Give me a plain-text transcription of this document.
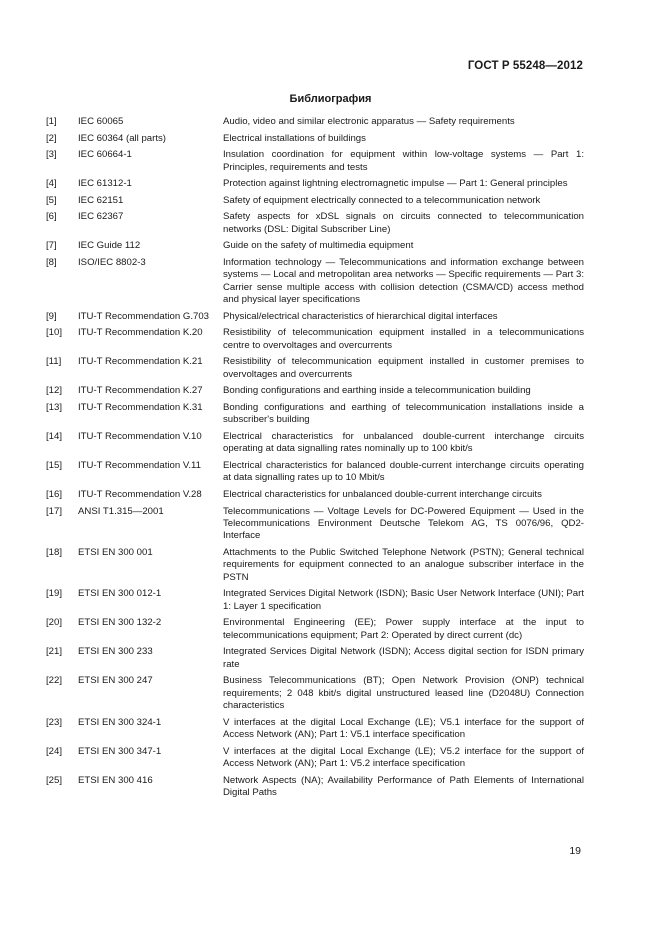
ГОСТ Р 55248—2012
Библиография
[1]	IEC 60065	Audio, video and similar electronic apparatus — Safety requirements
[2]	IEC 60364 (all parts)	Electrical installations of buildings
[3]	IEC 60664-1	Insulation coordination for equipment within low-voltage systems — Part 1: Principles, requirements and tests
[4]	IEC 61312-1	Protection against lightning electromagnetic impulse — Part 1: General principles
[5]	IEC 62151	Safety of equipment electrically connected to a telecommunication network
[6]	IEC 62367	Safety aspects for xDSL signals on circuits connected to telecommunication networks (DSL: Digital Subscriber Line)
[7]	IEC Guide 112	Guide on the safety of multimedia equipment
[8]	ISO/IEC 8802-3	Information technology — Telecommunications and information exchange between systems — Local and metropolitan area networks — Specific requirements — Part 3: Carrier sense multiple access with collision detection (CSMA/CD) access method and physical layer specifications
[9]	ITU-T Recommendation G.703	Physical/electrical characteristics of hierarchical digital interfaces
[10]	ITU-T Recommendation K.20	Resistibility of telecommunication equipment installed in a telecommunications centre to overvoltages and overcurrents
[11]	ITU-T Recommendation K.21	Resistibility of telecommunication equipment installed in customer premises to overvoltages and overcurrents
[12]	ITU-T Recommendation K.27	Bonding configurations and earthing inside a telecommunication building
[13]	ITU-T Recommendation K.31	Bonding configurations and earthing of telecommunication installations inside a subscriber's building
[14]	ITU-T Recommendation V.10	Electrical characteristics for unbalanced double-current interchange circuits operating at data signalling rates nominally up to 100 kbit/s
[15]	ITU-T Recommendation V.11	Electrical characteristics for balanced double-current interchange circuits operating at data signalling rates up to 10 Mbit/s
[16]	ITU-T Recommendation V.28	Electrical characteristics for unbalanced double-current interchange circuits
[17]	ANSI T1.315—2001	Telecommunications — Voltage Levels for DC-Powered Equipment — Used in the Telecommunications Environment Deutsche Telekom AG, TS 0076/96, QD2-Interface
[18]	ETSI EN 300 001	Attachments to the Public Switched Telephone Network (PSTN); General technical requirements for equipment connected to an analogue subscriber interface in the PSTN
[19]	ETSI EN 300 012-1	Integrated Services Digital Network (ISDN); Basic User Network Interface (UNI); Part 1: Layer 1 specification
[20]	ETSI EN 300 132-2	Environmental Engineering (EE); Power supply interface at the input to telecommunications equipment; Part 2: Operated by direct current (dc)
[21]	ETSI EN 300 233	Integrated Services Digital Network (ISDN); Access digital section for ISDN primary rate
[22]	ETSI EN 300 247	Business Telecommunications (BT); Open Network Provision (ONP) technical requirements; 2 048 kbit/s digital unstructured leased line (D2048U) Connection characteristics
[23]	ETSI EN 300 324-1	V interfaces at the digital Local Exchange (LE); V5.1 interface for the support of Access Network (AN); Part 1: V5.1 interface specification
[24]	ETSI EN 300 347-1	V interfaces at the digital Local Exchange (LE); V5.2 interface for the support of Access Network (AN); Part 1: V5.2 interface specification
[25]	ETSI EN 300 416	Network Aspects (NA); Availability Performance of Path Elements of International Digital Paths
19
